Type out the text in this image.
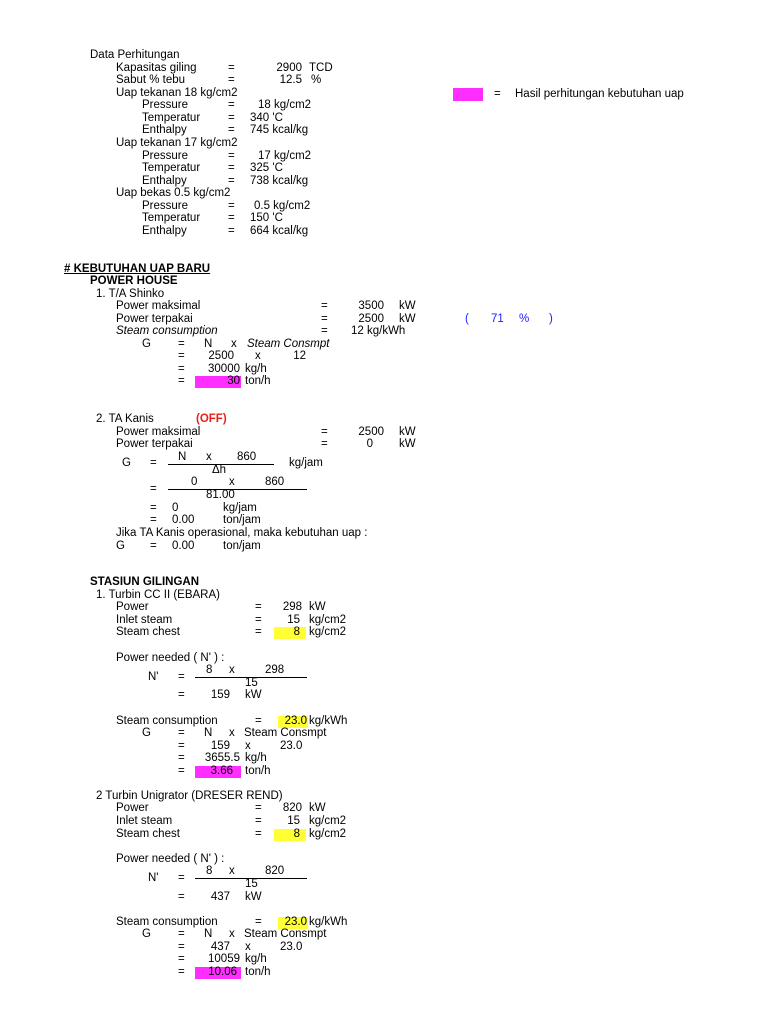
Data Perhitungan
Kapasitas giling	=	2900 TCD
Sabut % tebu	=	12.5 %
Uap tekanan 18 kg/cm2
Pressure	= 18 kg/cm2
Temperatur = 340 'C
Enthalpy	= 745 kcal/kg
Uap tekanan 17 kg/cm2
Pressure	= 17 kg/cm2
Temperatur = 325 'C
Enthalpy	= 738 kcal/kg
Uap bekas 0.5 kg/cm2
Pressure	= 0.5 kg/cm2
Temperatur = 150 'C
Enthalpy	= 664 kcal/kg
= Hasil perhitungan kebutuhan uap
# KEBUTUHAN UAP BARU
POWER HOUSE
1. T/A Shinko
Power maksimal	=	3500 kW
Power terpakai	=	2500 kW	( 71 % )
Steam consumption	= 12 kg/kWh
G = N x Steam Consmpt
=	2500 x	12
=	30000 kg/h
=	30 ton/h
2. TA Kanis	(OFF)
Power maksimal	=	2500 kW
Power terpakai	=	0 kW
N x 860
G =	kg/jam
Δh
0	x	860
=	81.00
= 0	kg/jam
= 0.00 ton/jam
Jika TA Kanis operasional, maka kebutuhan uap :
G = 0.00 ton/jam
STASIUN GILINGAN
1. Turbin CC II (EBARA)
Power	=	298 kW
Inlet steam	=	15 kg/cm2
Steam chest	=	8 kg/cm2
Power needed ( N' ) :
8 x	298
N' =	15
=	159 kW
Steam consumption	=	23.0 kg/kWh
G = N x Steam Consmpt
=	159 x	23.0
=	3655.5 kg/h
=	3.66 ton/h
2 Turbin Unigrator (DRESER REND)
Power	=	820 kW
Inlet steam	=	15 kg/cm2
Steam chest	=	8 kg/cm2
Power needed ( N' ) :
8 x	820
N' =	15
=	437 kW
Steam consumption	=	23.0 kg/kWh
G = N x Steam Consmpt
=	437 x	23.0
=	10059 kg/h
=	10.06 ton/h
